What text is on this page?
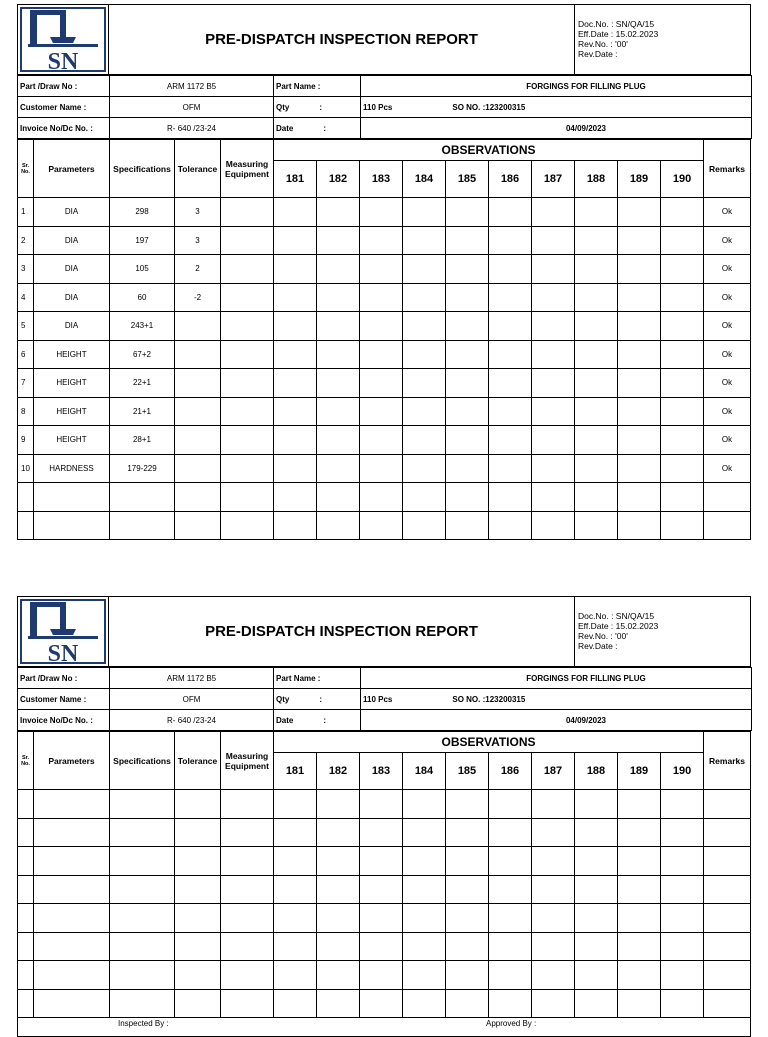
SN
	PRE-DISPATCH INSPECTION REPORT	
Doc.No. : SN/QA/15
Eff.Date : 15.02.2023
Rev.No. : '00'
Rev.Date :
Part /Draw No :	ARM 1172 B5	Part Name :	FORGINGS FOR FILLING PLUG
Customer Name :	OFM	Qty :	110 Pcs SO NO. :123200315
Invoice No/Dc No. :	R- 640 /23-24	Date :	04/09/2023
Sr. No.	Parameters	Specifications	Tolerance	Measuring Equipment	OBSERVATIONS										Remarks
					181	182	183	184	185	186	187	188	189	190	
1	DIA	298	3												Ok
2	DIA	197	3												Ok
3	DIA	105	2												Ok
4	DIA	60	-2												Ok
5	DIA	243+1													Ok
6	HEIGHT	67+2													Ok
7	HEIGHT	22+1													Ok
8	HEIGHT	21+1													Ok
9	HEIGHT	28+1													Ok
10	HARDNESS	179-229													Ok

SN
	PRE-DISPATCH INSPECTION REPORT	
Doc.No. : SN/QA/15
Eff.Date : 15.02.2023
Rev.No. : '00'
Rev.Date :
Part /Draw No :	ARM 1172 B5	Part Name :	FORGINGS FOR FILLING PLUG
Customer Name :	OFM	Qty :	110 Pcs SO NO. :123200315
Invoice No/Dc No. :	R- 640 /23-24	Date :	04/09/2023
Sr. No.	Parameters	Specifications	Tolerance	Measuring Equipment	OBSERVATIONS										Remarks
					181	182	183	184	185	186	187	188	189	190	

Inspected By :	Approved By :
